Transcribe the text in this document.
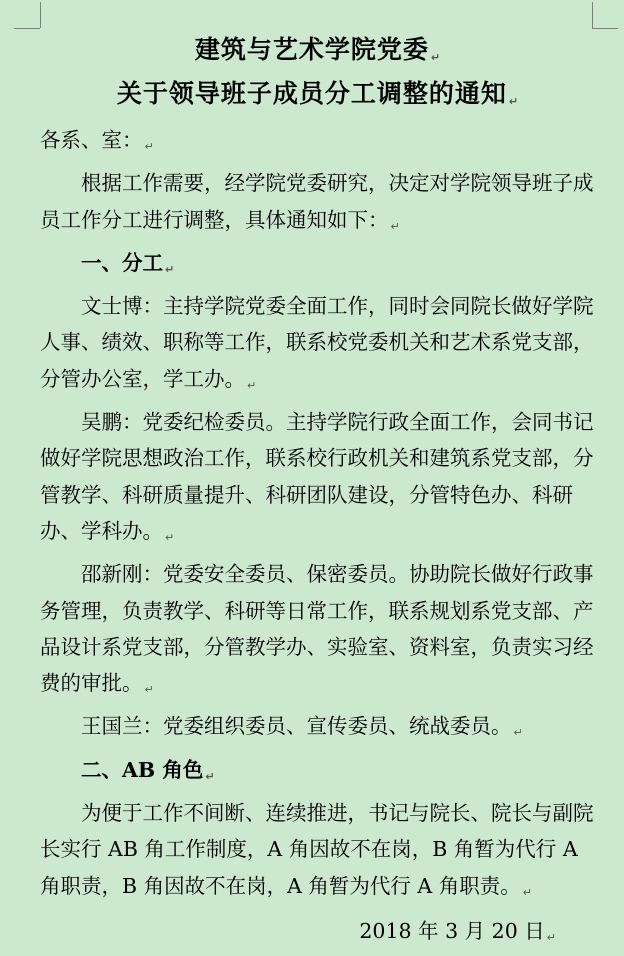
建筑与艺术学院党委 ↵
关于领导班子成员分工调整的通知 ↵

各系、室： ↵

根据工作需要，经学院党委研究，决定对学院领导班子成员工作分工进行调整，具体通知如下： ↵

一、分工 ↵

文士博：主持学院党委全面工作，同时会同院长做好学院人事、绩效、职称等工作，联系校党委机关和艺术系党支部，分管办公室，学工办。 ↵

吴鹏：党委纪检委员。主持学院行政全面工作，会同书记做好学院思想政治工作，联系校行政机关和建筑系党支部，分管教学、科研质量提升、科研团队建设，分管特色办、科研办、学科办。 ↵

邵新刚：党委安全委员、保密委员。协助院长做好行政事务管理，负责教学、科研等日常工作，联系规划系党支部、产品设计系党支部，分管教学办、实验室、资料室，负责实习经费的审批。 ↵

王国兰：党委组织委员、宣传委员、统战委员。 ↵

二、AB 角色 ↵

为便于工作不间断、连续推进，书记与院长、院长与副院长实行 AB 角工作制度，A 角因故不在岗，B 角暂为代行 A 角职责，B 角因故不在岗，A 角暂为代行 A 角职责。 ↵

2018 年 3 月 20 日 ↵
